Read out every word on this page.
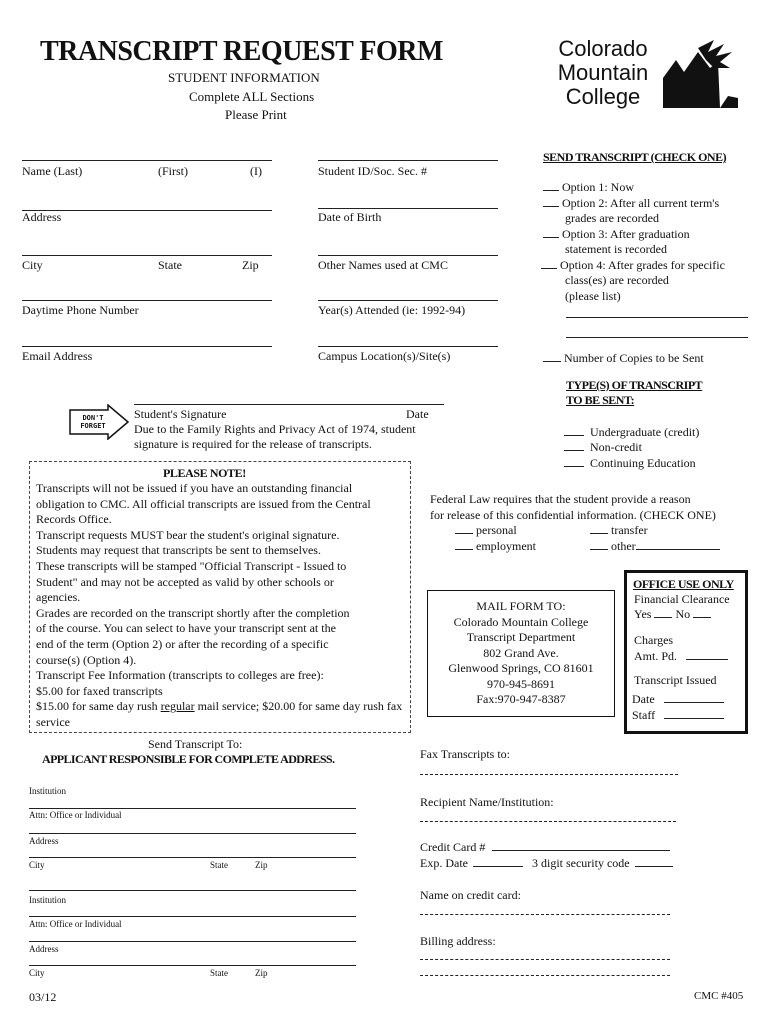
TRANSCRIPT REQUEST FORM
STUDENT INFORMATION
Complete ALL Sections
Please Print
Colorado
Mountain
College
Name (Last)	(First)	(I)	Student ID/Soc. Sec. #
Address	Date of Birth
City	State	Zip	Other Names used at CMC
Daytime Phone Number	Year(s) Attended (ie: 1992-94)
Email Address	Campus Location(s)/Site(s)
SEND TRANSCRIPT (CHECK ONE)
Option 1: Now
Option 2: After all current term's
grades are recorded
Option 3: After graduation
statement is recorded
Option 4: After grades for specific
class(es) are recorded
(please list)
Number of Copies to be Sent
TYPE(S) OF TRANSCRIPT
TO BE SENT:
Undergraduate (credit)
Non-credit
Continuing Education
DON'T
FORGET
Student's Signature	Date
Due to the Family Rights and Privacy Act of 1974, student
signature is required for the release of transcripts.
PLEASE NOTE!
Transcripts will not be issued if you have an outstanding financial
obligation to CMC. All official transcripts are issued from the Central
Records Office.
Transcript requests MUST bear the student's original signature.
Students may request that transcripts be sent to themselves.
These transcripts will be stamped "Official Transcript - Issued to
Student" and may not be accepted as valid by other schools or
agencies.
Grades are recorded on the transcript shortly after the completion
of the course. You can select to have your transcript sent at the
end of the term (Option 2) or after the recording of a specific
course(s) (Option 4).
Transcript Fee Information (transcripts to colleges are free):
$5.00 for faxed transcripts
$15.00 for same day rush regular mail service; $20.00 for same day rush fax
service
Federal Law requires that the student provide a reason
for release of this confidential information. (CHECK ONE)
personal	transfer
employment	other
MAIL FORM TO:
Colorado Mountain College
Transcript Department
802 Grand Ave.
Glenwood Springs, CO 81601
970-945-8691
Fax:970-947-8387
OFFICE USE ONLY
Financial Clearance
Yes No
Charges
Amt. Pd.
Transcript Issued
Date
Staff
Send Transcript To:
APPLICANT RESPONSIBLE FOR COMPLETE ADDRESS.
Institution
Attn: Office or Individual
Address
City	State	Zip
Institution
Attn: Office or Individual
Address
City	State	Zip
Fax Transcripts to:
Recipient Name/Institution:
Credit Card #
Exp. Date	3 digit security code
Name on credit card:
Billing address:
03/12	CMC #405
